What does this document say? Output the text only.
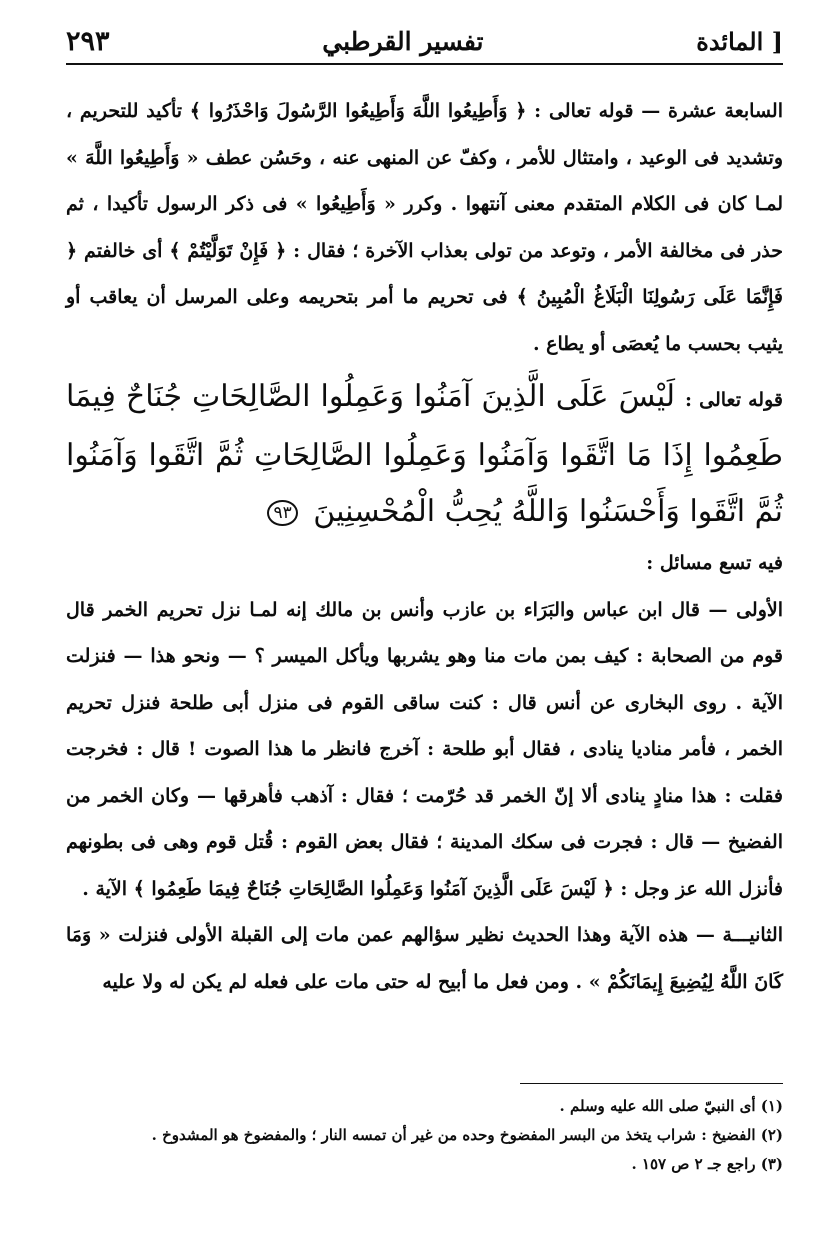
٢٩٣	تفسير القرطبي	المائدة ]

السابعة عشرة — قوله تعالى : ﴿ وَأَطِيعُوا اللَّهَ وَأَطِيعُوا الرَّسُولَ وَاحْذَرُوا ﴾ تأكيد للتحريم ، وتشديد فى الوعيد ، وامتثال للأمر ، وكفّ عن المنهى عنه ، وحَسُن عطف « وَأَطِيعُوا اللَّهَ » لمـا كان فى الكلام المتقدم معنى آنتهوا . وكرر « وَأَطِيعُوا » فى ذكر الرسول تأكيدا ، ثم حذر فى مخالفة الأمر ، وتوعد من تولى بعذاب الآخرة ؛ فقال : ﴿ فَإِنْ تَوَلَّيْتُمْ ﴾ أى خالفتم ﴿ فَإِنَّمَا عَلَى رَسُولِنَا الْبَلَاغُ الْمُبِينُ ﴾ فى تحريم ما أمر بتحريمه وعلى المرسل أن يعاقب أو يثيب بحسب ما يُعصَى أو يطاع .

قوله تعالى : لَيْسَ عَلَى الَّذِينَ آمَنُوا وَعَمِلُوا الصَّالِحَاتِ جُنَاحٌ فِيمَا طَعِمُوا إِذَا مَا اتَّقَوا وَآمَنُوا وَعَمِلُوا الصَّالِحَاتِ ثُمَّ اتَّقَوا وَآمَنُوا ثُمَّ اتَّقَوا وَأَحْسَنُوا وَاللَّهُ يُحِبُّ الْمُحْسِنِينَ ٩٣

فيه تسع مسائل :

الأولى — قال ابن عباس والبَرَاء بن عازب وأنس بن مالك إنه لمـا نزل تحريم الخمر قال قوم من الصحابة : كيف بمن مات منا وهو يشربها ويأكل الميسر ؟ — ونحو هذا — فنزلت الآية . روى البخارى عن أنس قال : كنت ساقى القوم فى منزل أبى طلحة فنزل تحريم الخمر ، فأمر مناديا ينادى ، فقال أبو طلحة : آخرج فانظر ما هذا الصوت ! قال : فخرجت فقلت : هذا منادٍ ينادى ألا إنّ الخمر قد حُرّمت ؛ فقال : آذهب فأهرقها — وكان الخمر من الفضيخ — قال : فجرت فى سكك المدينة ؛ فقال بعض القوم : قُتل قوم وهى فى بطونهم فأنزل الله عز وجل : ﴿ لَيْسَ عَلَى الَّذِينَ آمَنُوا وَعَمِلُوا الصَّالِحَاتِ جُنَاحٌ فِيمَا طَعِمُوا ﴾ الآية .

الثانيـــة — هذه الآية وهذا الحديث نظير سؤالهم عمن مات إلى القبلة الأولى فنزلت « وَمَا كَانَ اللَّهُ لِيُضِيعَ إِيمَانَكُمْ » . ومن فعل ما أبيح له حتى مات على فعله لم يكن له ولا عليه

(١) أى النبيّ صلى الله عليه وسلم .
(٢) الفضيخ : شراب يتخذ من البسر المفضوخ وحده من غير أن تمسه النار ؛ والمفضوخ هو المشدوخ .
(٣) راجع جـ ٢ ص ١٥٧ .
